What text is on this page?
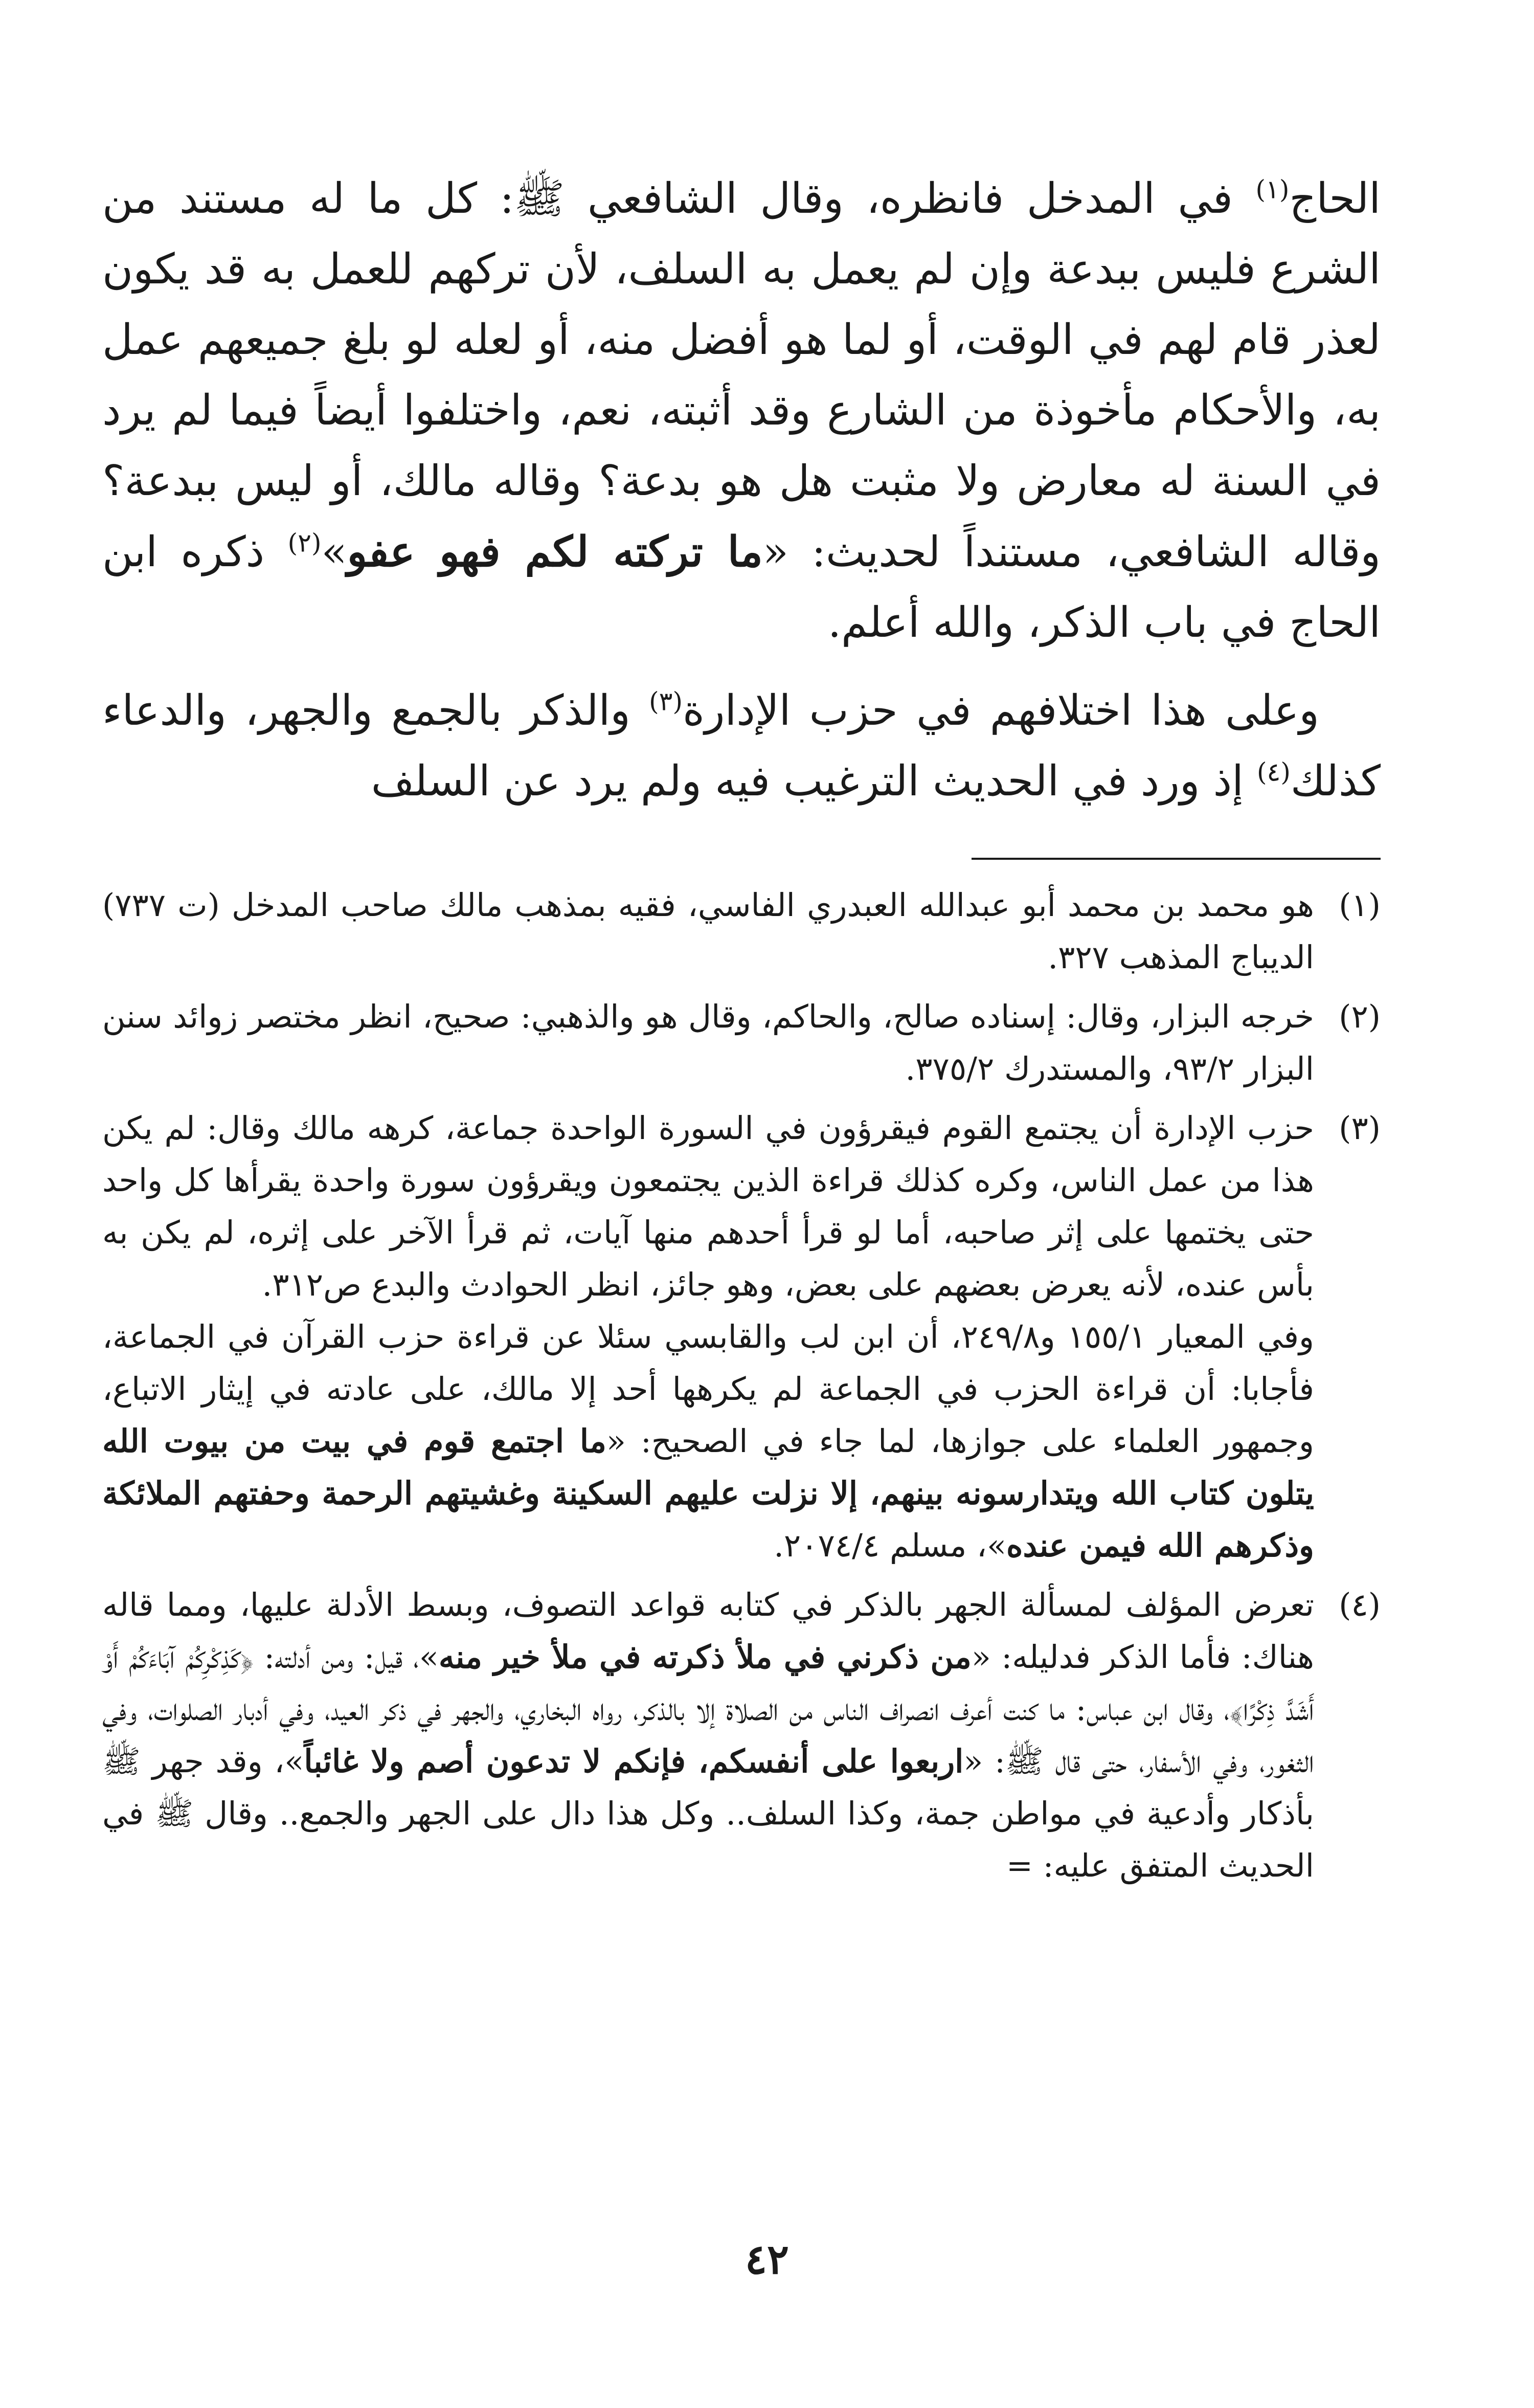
الحاج$^{(١)}$ في المدخل فانظره، وقال الشافعي ﷺ: كل ما له مستند من الشرع فليس ببدعة وإن لم يعمل به السلف، لأن تركهم للعمل به قد يكون لعذر قام لهم في الوقت، أو لما هو أفضل منه، أو لعله لو بلغ جميعهم عمل به، والأحكام مأخوذة من الشارع وقد أثبته، نعم، واختلفوا أيضاً فيما لم يرد في السنة له معارض ولا مثبت هل هو بدعة؟ وقاله مالك، أو ليس ببدعة؟ وقاله الشافعي، مستنداً لحديث: «ما تركته لكم فهو عفو»$^{(٢)}$ ذكره ابن الحاج في باب الذكر، والله أعلم.

وعلى هذا اختلافهم في حزب الإدارة$^{(٣)}$ والذكر بالجمع والجهر، والدعاء كذلك$^{(٤)}$ إذ ورد في الحديث الترغيب فيه ولم يرد عن السلف

(١)

هو محمد بن محمد أبو عبدالله العبدري الفاسي، فقيه بمذهب مالك صاحب المدخل (ت ٧٣٧) الديباج المذهب ٣٢٧.

(٢)

خرجه البزار، وقال: إسناده صالح، والحاكم، وقال هو والذهبي: صحيح، انظر مختصر زوائد سنن البزار ٩٣/٢، والمستدرك ٣٧٥/٢.

(٣)

حزب الإدارة أن يجتمع القوم فيقرؤون في السورة الواحدة جماعة، كرهه مالك وقال: لم يكن هذا من عمل الناس، وكره كذلك قراءة الذين يجتمعون ويقرؤون سورة واحدة يقرأها كل واحد حتى يختمها على إثر صاحبه، أما لو قرأ أحدهم منها آيات، ثم قرأ الآخر على إثره، لم يكن به بأس عنده، لأنه يعرض بعضهم على بعض، وهو جائز، انظر الحوادث والبدع ص٣١٢.

وفي المعيار ١٥٥/١ و٢٤٩/٨، أن ابن لب والقابسي سئلا عن قراءة حزب القرآن في الجماعة، فأجابا: أن قراءة الحزب في الجماعة لم يكرهها أحد إلا مالك، على عادته في إيثار الاتباع، وجمهور العلماء على جوازها، لما جاء في الصحيح: «ما اجتمع قوم في بيت من بيوت الله يتلون كتاب الله ويتدارسونه بينهم، إلا نزلت عليهم السكينة وغشيتهم الرحمة وحفتهم الملائكة وذكرهم الله فيمن عنده»، مسلم ٢٠٧٤/٤.

(٤)

تعرض المؤلف لمسألة الجهر بالذكر في كتابه قواعد التصوف، وبسط الأدلة عليها، ومما قاله هناك: فأما الذكر فدليله: «من ذكرني في ملأ ذكرته في ملأ خير منه»، قيل: ومن أدلته: ﴿كَذِكْرِكُمْ آبَاءَكُمْ أَوْ أَشَدَّ ذِكْرًا﴾، وقال ابن عباس: ما كنت أعرف انصراف الناس من الصلاة إلا بالذكر، رواه البخاري، والجهر في ذكر العيد، وفي أدبار الصلوات، وفي الثغور، وفي الأسفار، حتى قال ﷺ: «اربعوا على أنفسكم، فإنكم لا تدعون أصم ولا غائباً»، وقد جهر ﷺ بأذكار وأدعية في مواطن جمة، وكذا السلف.. وكل هذا دال على الجهر والجمع.. وقال ﷺ في الحديث المتفق عليه: =

٤٢
